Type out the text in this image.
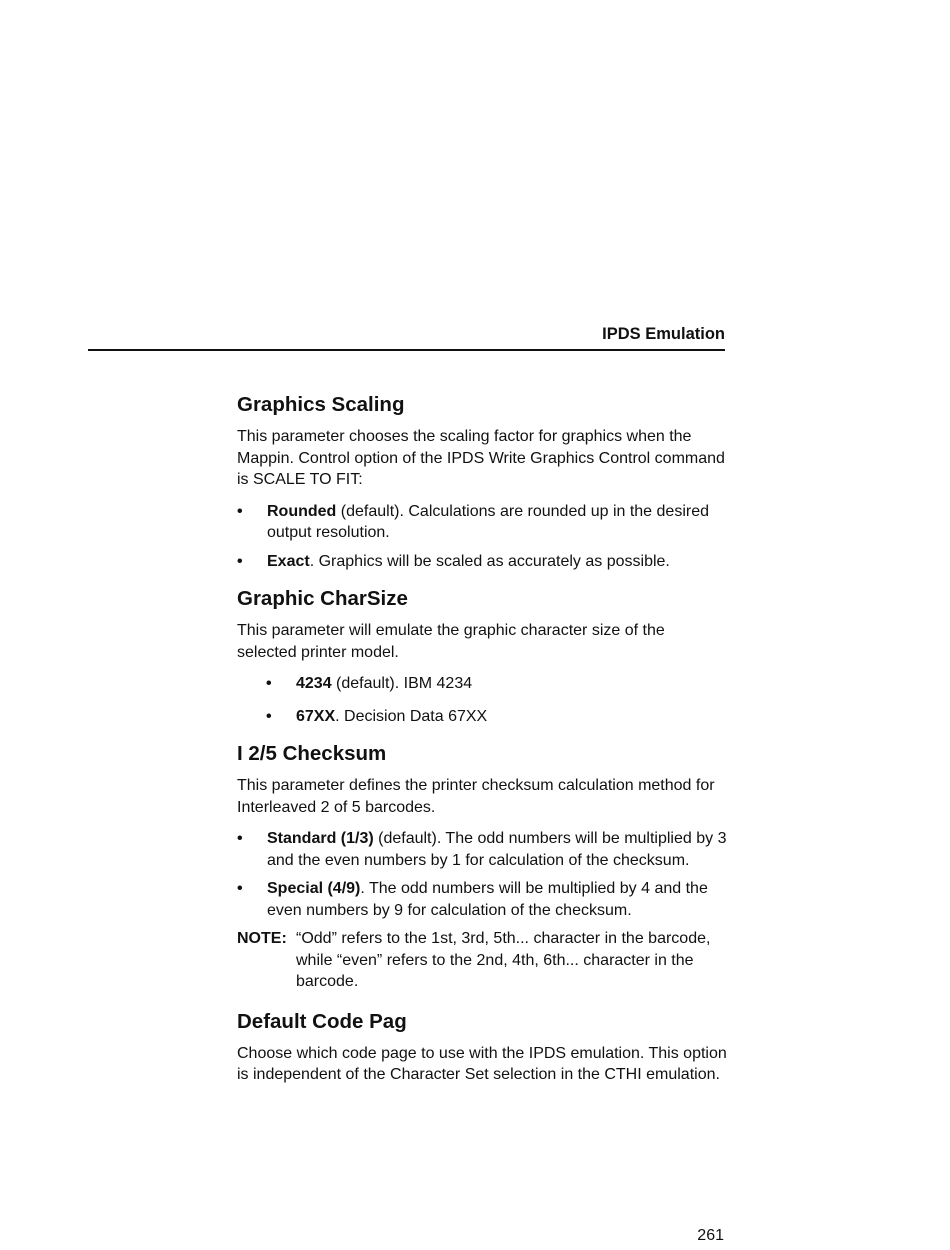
IPDS Emulation
Graphics Scaling

This parameter chooses the scaling factor for graphics when the Mappin. Control option of the IPDS Write Graphics Control command is SCALE TO FIT:

• Rounded (default). Calculations are rounded up in the desired output resolution.
• Exact. Graphics will be scaled as accurately as possible.
Graphic CharSize

This parameter will emulate the graphic character size of the selected printer model.

• 4234 (default). IBM 4234
• 67XX. Decision Data 67XX
I 2/5 Checksum

This parameter defines the printer checksum calculation method for Interleaved 2 of 5 barcodes.

• Standard (1/3) (default). The odd numbers will be multiplied by 3 and the even numbers by 1 for calculation of the checksum.
• Special (4/9). The odd numbers will be multiplied by 4 and the even numbers by 9 for calculation of the checksum.
NOTE: “Odd” refers to the 1st, 3rd, 5th... character in the barcode, while “even” refers to the 2nd, 4th, 6th... character in the barcode.
Default Code Pag

Choose which code page to use with the IPDS emulation. This option is independent of the Character Set selection in the CTHI emulation.

261
